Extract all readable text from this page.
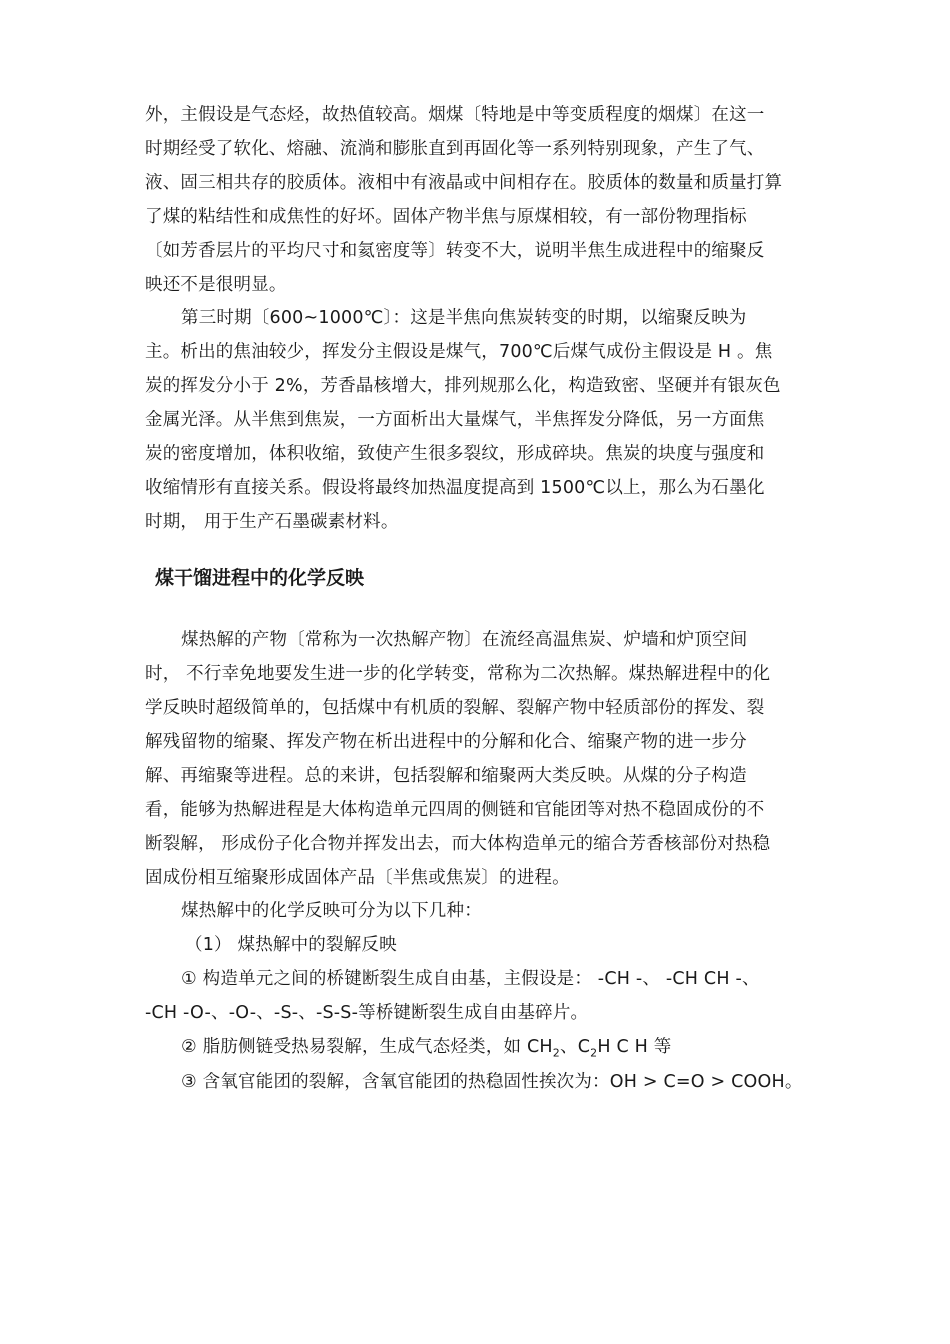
外，主假设是气态烃，故热值较高。烟煤〔特地是中等变质程度的烟煤〕在这一
时期经受了软化、熔融、流淌和膨胀直到再固化等一系列特别现象，产生了气、
液、固三相共存的胶质体。液相中有液晶或中间相存在。胶质体的数量和质量打算
了煤的粘结性和成焦性的好坏。固体产物半焦与原煤相较，有一部份物理指标
〔如芳香层片的平均尺寸和氦密度等〕转变不大，说明半焦生成进程中的缩聚反
映还不是很明显。
第三时期〔600~1000℃〕：这是半焦向焦炭转变的时期，以缩聚反映为
主。析出的焦油较少，挥发分主假设是煤气，700℃后煤气成份主假设是 H 。焦
炭的挥发分小于 2%，芳香晶核增大，排列规那么化，构造致密、坚硬并有银灰色
金属光泽。从半焦到焦炭，一方面析出大量煤气，半焦挥发分降低，另一方面焦
炭的密度增加，体积收缩，致使产生很多裂纹，形成碎块。焦炭的块度与强度和
收缩情形有直接关系。假设将最终加热温度提高到 1500℃以上，那么为石墨化
时期， 用于生产石墨碳素材料。
煤干馏进程中的化学反映
煤热解的产物〔常称为一次热解产物〕在流经高温焦炭、炉墙和炉顶空间
时， 不行幸免地要发生进一步的化学转变，常称为二次热解。煤热解进程中的化
学反映时超级简单的，包括煤中有机质的裂解、裂解产物中轻质部份的挥发、裂
解残留物的缩聚、挥发产物在析出进程中的分解和化合、缩聚产物的进一步分
解、再缩聚等进程。总的来讲，包括裂解和缩聚两大类反映。从煤的分子构造
看，能够为热解进程是大体构造单元四周的侧链和官能团等对热不稳固成份的不
断裂解， 形成份子化合物并挥发出去，而大体构造单元的缩合芳香核部份对热稳
固成份相互缩聚形成固体产品〔半焦或焦炭〕的进程。
煤热解中的化学反映可分为以下几种：
（1） 煤热解中的裂解反映
① 构造单元之间的桥键断裂生成自由基，主假设是： -CH -、 -CH CH -、
-CH -O-、-O-、-S-、-S-S-等桥键断裂生成自由基碎片。
② 脂肪侧链受热易裂解，生成气态烃类，如 $CH_2$、$C_2H$ C H 等
③ 含氧官能团的裂解，含氧官能团的热稳固性挨次为：OH > C=O > COOH。
